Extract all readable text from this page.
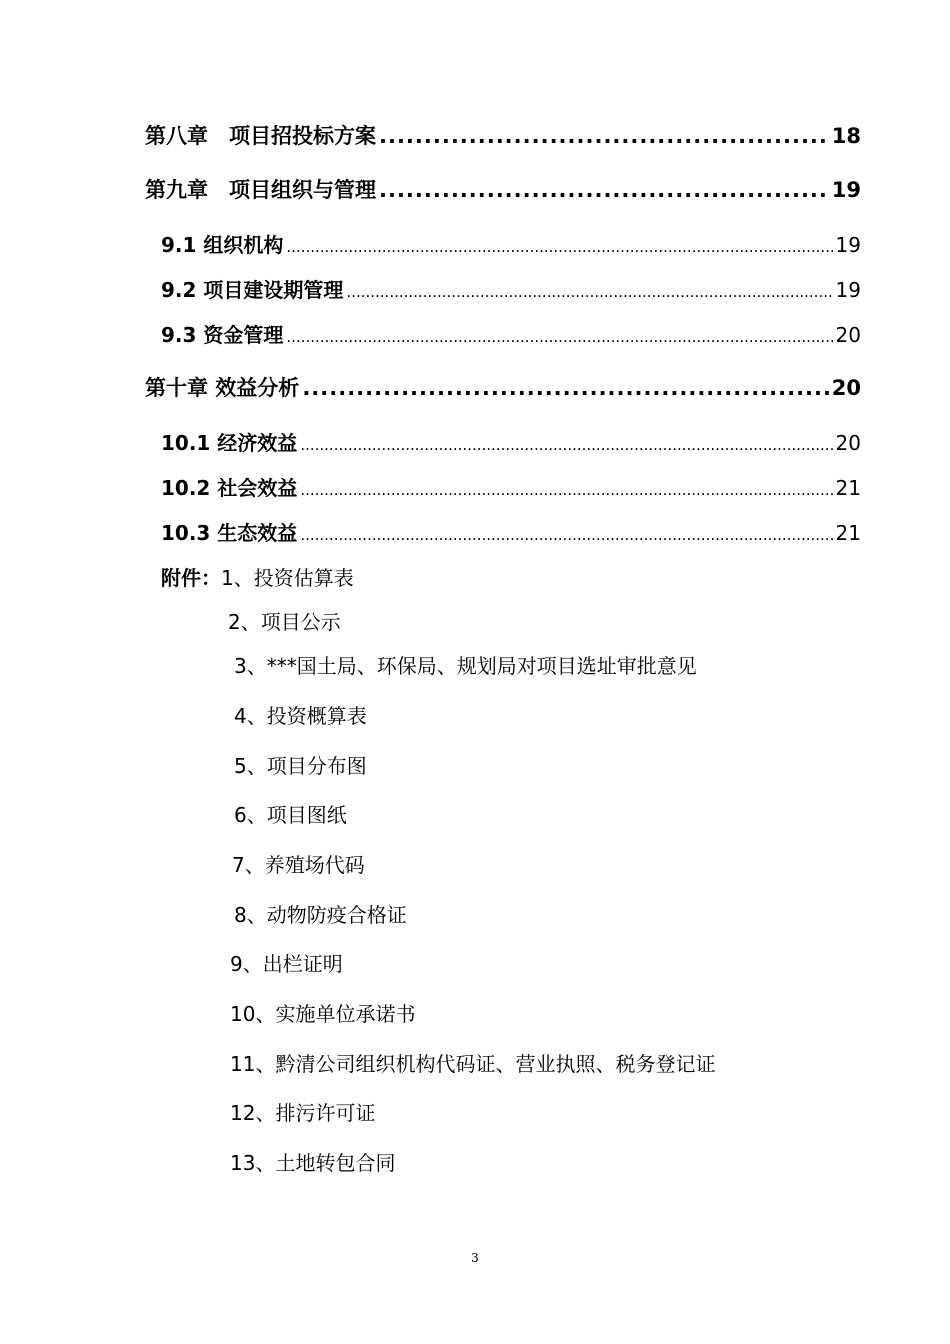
第八章　项目招投标方案 .....	18
第九章　项目组织与管理 .....	19
9.1 组织机构 .....	19
9.2 项目建设期管理 .....	19
9.3 资金管理 .....	20
第十章 效益分析 .....	20
10.1 经济效益 .....	20
10.2 社会效益 .....	21
10.3 生态效益 .....	21
附件：1、投资估算表
2、项目公示
3、***国土局、环保局、规划局对项目选址审批意见
4、投资概算表
5、项目分布图
6、项目图纸
7、养殖场代码
8、动物防疫合格证
9、出栏证明
10、实施单位承诺书
11、黔清公司组织机构代码证、营业执照、税务登记证
12、排污许可证
13、土地转包合同
3
